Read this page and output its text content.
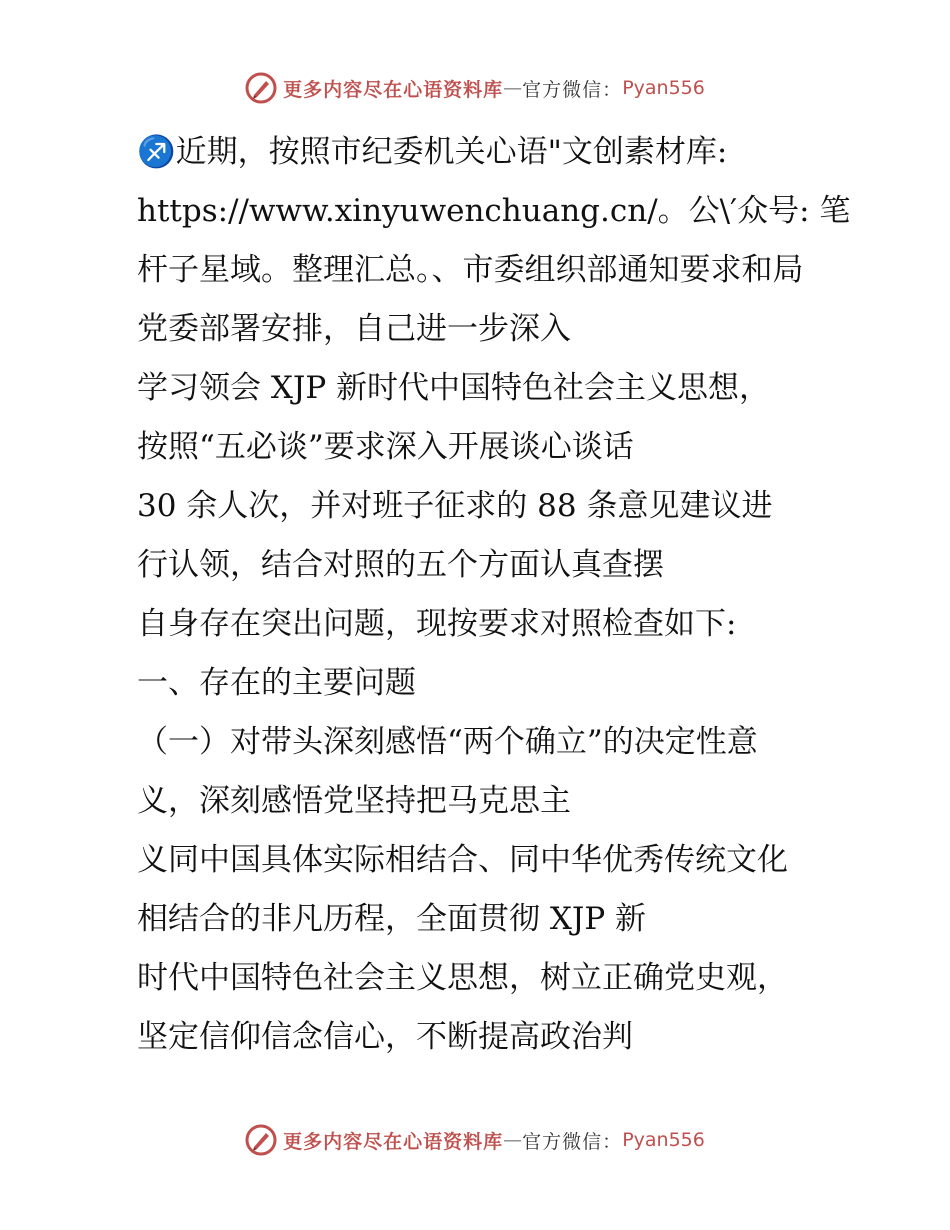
更多内容尽在心语资料库 — 官方微信： Pyan556

♐近期，按照市纪委机关心语"文创素材库:
https://www.xinyuwenchuang.cn/。公\′众号: 笔
杆子星域。整理汇总。、市委组织部通知要求和局
党委部署安排，自己进一步深入

学习领会 XJP 新时代中国特色社会主义思想，
按照“五必谈”要求深入开展谈心谈话

30 余人次，并对班子征求的 88 条意见建议进
行认领，结合对照的五个方面认真查摆

自身存在突出问题，现按要求对照检查如下:

一、存在的主要问题

（一）对带头深刻感悟“两个确立”的决定性意
义，深刻感悟党坚持把马克思主

义同中国具体实际相结合、同中华优秀传统文化
相结合的非凡历程，全面贯彻 XJP 新

时代中国特色社会主义思想，树立正确党史观，
坚定信仰信念信心，不断提高政治判

更多内容尽在心语资料库 — 官方微信： Pyan556
